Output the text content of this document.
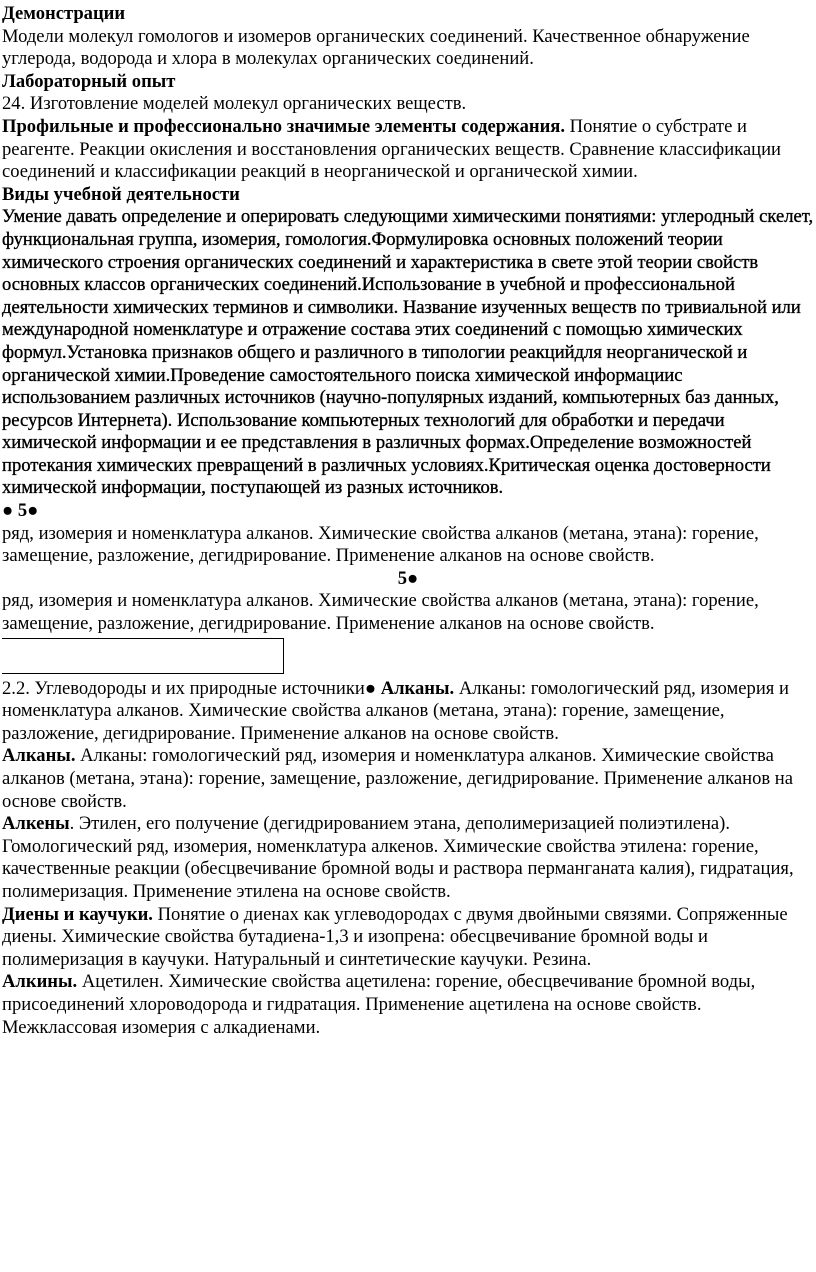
Демонстрации

Модели молекул гомологов и изомеров органических соединений. Качественное обнаружение углерода, водорода и хлора в молекулах органических соединений.

Лабораторный опыт

24. Изготовление моделей молекул органических веществ.

Профильные и профессионально значимые элементы содержания. Понятие о субстрате и реагенте. Реакции окисления и восстановления органических веществ. Сравнение классификации соединений и классификации реакций в неорганической и органической химии.

Виды учебной деятельности

Умение давать определение и оперировать следующими химическими понятиями: углеродный скелет, функциональная группа, изомерия, гомология.Формулировка основных положений теории химического строения органических соединений и характеристика в свете этой теории свойств основных классов органических соединений.Использование в учебной и профессиональной деятельности химических терминов и символики. Название изученных веществ по тривиальной или международной номенклатуре и отражение состава этих соединений с помощью химических формул.Установка признаков общего и различного в типологии реакцийдля неорганической и органической химии.Проведение самостоятельного поиска химической информациис использованием различных источников (научно-популярных изданий, компьютерных баз данных, ресурсов Интернета). Использование компьютерных технологий для обработки и передачи химической информации и ее представления в различных формах.Определение возможностей протекания химических превращений в различных условиях.Критическая оценка достоверности химической информации, поступающей из разных источников.

● 5●

ряд, изомерия и номенклатура алканов. Химические свойства алканов (метана, этана): горение, замещение, разложение, дегидрирование. Применение алканов на основе свойств.

5●

ряд, изомерия и номенклатура алканов. Химические свойства алканов (метана, этана): горение, замещение, разложение, дегидрирование. Применение алканов на основе свойств.

2.2. Углеводороды и их природные источники● Алканы. Алканы: гомологический ряд, изомерия и номенклатура алканов. Химические свойства алканов (метана, этана): горение, замещение, разложение, дегидрирование. Применение алканов на основе свойств.

Алканы. Алканы: гомологический ряд, изомерия и номенклатура алканов. Химические свойства алканов (метана, этана): горение, замещение, разложение, дегидрирование. Применение алканов на основе свойств.

Алкены. Этилен, его получение (дегидрированием этана, деполимеризацией полиэтилена). Гомологический ряд, изомерия, номенклатура алкенов. Химические свойства этилена: горение, качественные реакции (обесцвечивание бромной воды и раствора перманганата калия), гидратация, полимеризация. Применение этилена на основе свойств.

Диены и каучуки. Понятие о диенах как углеводородах с двумя двойными связями. Сопряженные диены. Химические свойства бутадиена-1,3 и изопрена: обесцвечивание бромной воды и полимеризация в каучуки. Натуральный и синтетические каучуки. Резина.

Алкины. Ацетилен. Химические свойства ацетилена: горение, обесцвечивание бромной воды, присоединений хлороводорода и гидратация. Применение ацетилена на основе свойств. Межклассовая изомерия с алкадиенами.
